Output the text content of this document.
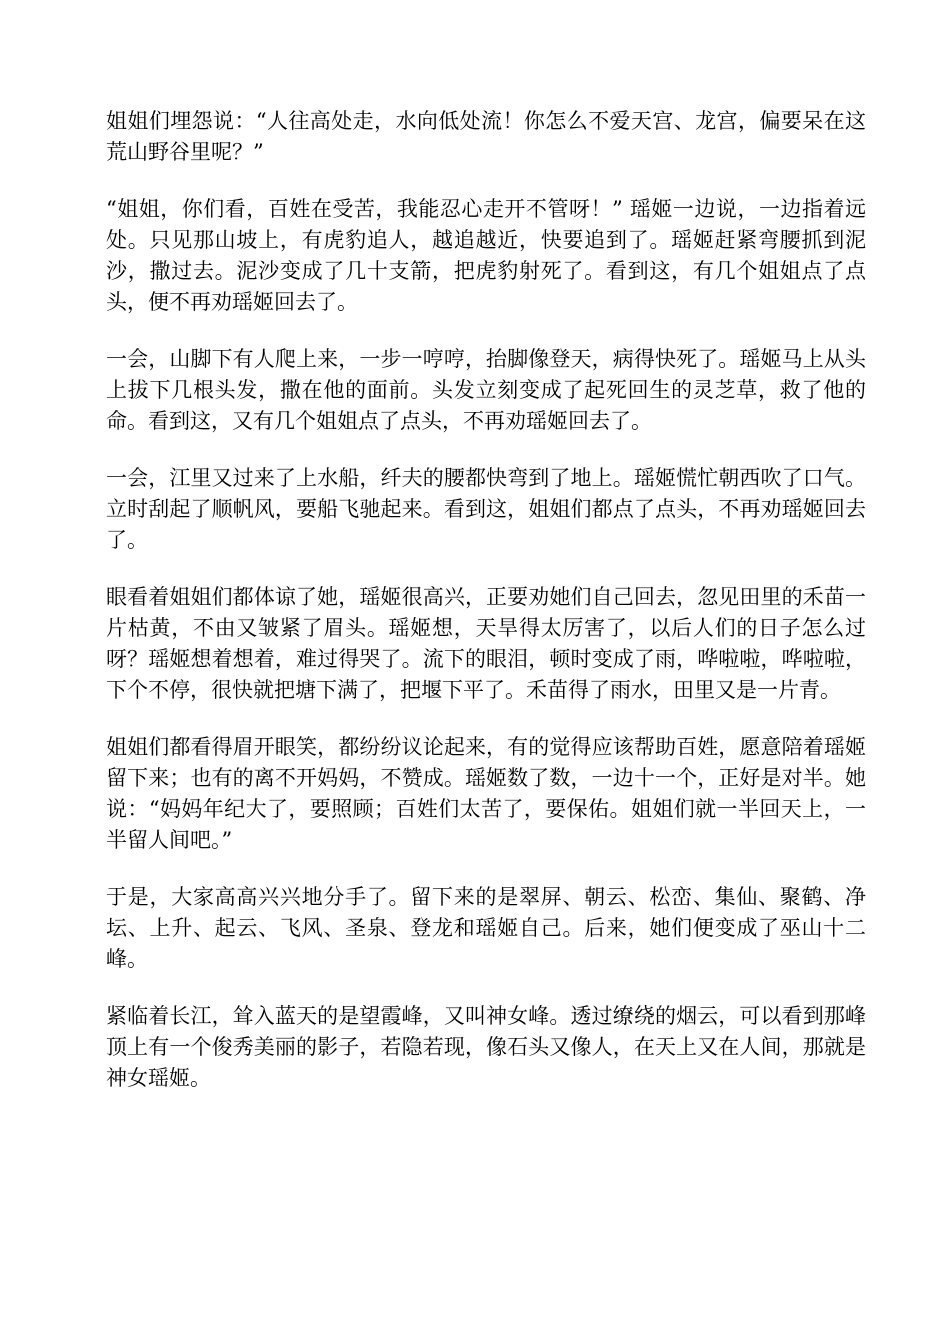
姐姐们埋怨说：“人往高处走，水向低处流！你怎么不爱天宫、龙宫，偏要呆在这荒山野谷里呢？”

“姐姐，你们看，百姓在受苦，我能忍心走开不管呀！” 瑶姬一边说，一边指着远处。只见那山坡上，有虎豹追人，越追越近，快要追到了。瑶姬赶紧弯腰抓到泥沙，撒过去。泥沙变成了几十支箭，把虎豹射死了。看到这，有几个姐姐点了点头，便不再劝瑶姬回去了。

一会，山脚下有人爬上来，一步一哼哼，抬脚像登天，病得快死了。瑶姬马上从头上拔下几根头发，撒在他的面前。头发立刻变成了起死回生的灵芝草，救了他的命。看到这，又有几个姐姐点了点头，不再劝瑶姬回去了。

一会，江里又过来了上水船，纤夫的腰都快弯到了地上。瑶姬慌忙朝西吹了口气。立时刮起了顺帆风，要船飞驰起来。看到这，姐姐们都点了点头，不再劝瑶姬回去了。

眼看着姐姐们都体谅了她，瑶姬很高兴，正要劝她们自己回去，忽见田里的禾苗一片枯黄，不由又皱紧了眉头。瑶姬想，天旱得太厉害了，以后人们的日子怎么过呀？瑶姬想着想着，难过得哭了。流下的眼泪，顿时变成了雨，哗啦啦，哗啦啦，下个不停，很快就把塘下满了，把堰下平了。禾苗得了雨水，田里又是一片青。

姐姐们都看得眉开眼笑，都纷纷议论起来，有的觉得应该帮助百姓，愿意陪着瑶姬留下来；也有的离不开妈妈，不赞成。瑶姬数了数，一边十一个，正好是对半。她说：“妈妈年纪大了，要照顾；百姓们太苦了，要保佑。姐姐们就一半回天上，一半留人间吧。”

于是，大家高高兴兴地分手了。留下来的是翠屏、朝云、松峦、集仙、聚鹤、净坛、上升、起云、飞风、圣泉、登龙和瑶姬自己。后来，她们便变成了巫山十二峰。

紧临着长江，耸入蓝天的是望霞峰，又叫神女峰。透过缭绕的烟云，可以看到那峰顶上有一个俊秀美丽的影子，若隐若现，像石头又像人，在天上又在人间，那就是神女瑶姬。
